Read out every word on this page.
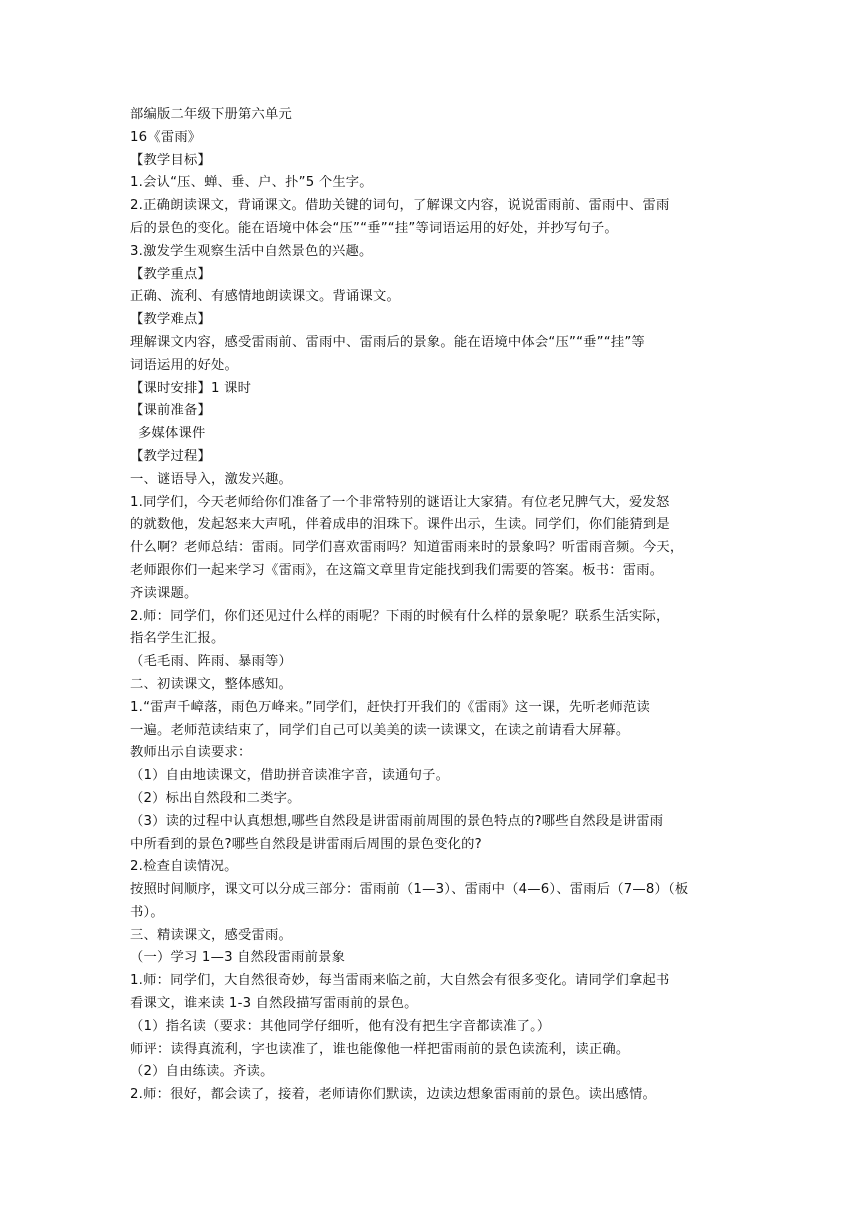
部编版二年级下册第六单元
16《雷雨》
【教学目标】
1.会认“压、蝉、垂、户、扑”5 个生字。
2.正确朗读课文，背诵课文。借助关键的词句，了解课文内容，说说雷雨前、雷雨中、雷雨
后的景色的变化。能在语境中体会“压”“垂”“挂”等词语运用的好处，并抄写句子。
3.激发学生观察生活中自然景色的兴趣。
【教学重点】
正确、流利、有感情地朗读课文。背诵课文。
【教学难点】
理解课文内容，感受雷雨前、雷雨中、雷雨后的景象。能在语境中体会“压”“垂”“挂”等
词语运用的好处。
【课时安排】1 课时
【课前准备】
多媒体课件
【教学过程】
一、谜语导入，激发兴趣。
1.同学们，今天老师给你们准备了一个非常特别的谜语让大家猜。有位老兄脾气大，爱发怒
的就数他，发起怒来大声吼，伴着成串的泪珠下。课件出示，生读。同学们，你们能猜到是
什么啊？老师总结：雷雨。同学们喜欢雷雨吗？知道雷雨来时的景象吗？听雷雨音频。今天，
老师跟你们一起来学习《雷雨》，在这篇文章里肯定能找到我们需要的答案。板书：雷雨。
齐读课题。
2.师：同学们，你们还见过什么样的雨呢？下雨的时候有什么样的景象呢？联系生活实际，
指名学生汇报。
（毛毛雨、阵雨、暴雨等）
二、初读课文，整体感知。
1.“雷声千嶂落，雨色万峰来。”同学们，赶快打开我们的《雷雨》这一课，先听老师范读
一遍。老师范读结束了，同学们自己可以美美的读一读课文，在读之前请看大屏幕。
教师出示自读要求：
（1）自由地读课文，借助拼音读准字音，读通句子。
（2）标出自然段和二类字。
（3）读的过程中认真想想,哪些自然段是讲雷雨前周围的景色特点的?哪些自然段是讲雷雨
中所看到的景色?哪些自然段是讲雷雨后周围的景色变化的?
2.检查自读情况。
按照时间顺序，课文可以分成三部分：雷雨前（1—3）、雷雨中（4—6）、雷雨后（7—8）（板
书）。
三、精读课文，感受雷雨。
（一）学习 1—3 自然段雷雨前景象
1.师：同学们，大自然很奇妙，每当雷雨来临之前，大自然会有很多变化。请同学们拿起书
看课文，谁来读 1-3 自然段描写雷雨前的景色。
（1）指名读（要求：其他同学仔细听，他有没有把生字音都读准了。）
师评：读得真流利，字也读准了，谁也能像他一样把雷雨前的景色读流利，读正确。
（2）自由练读。齐读。
2.师：很好，都会读了，接着，老师请你们默读，边读边想象雷雨前的景色。读出感情。
